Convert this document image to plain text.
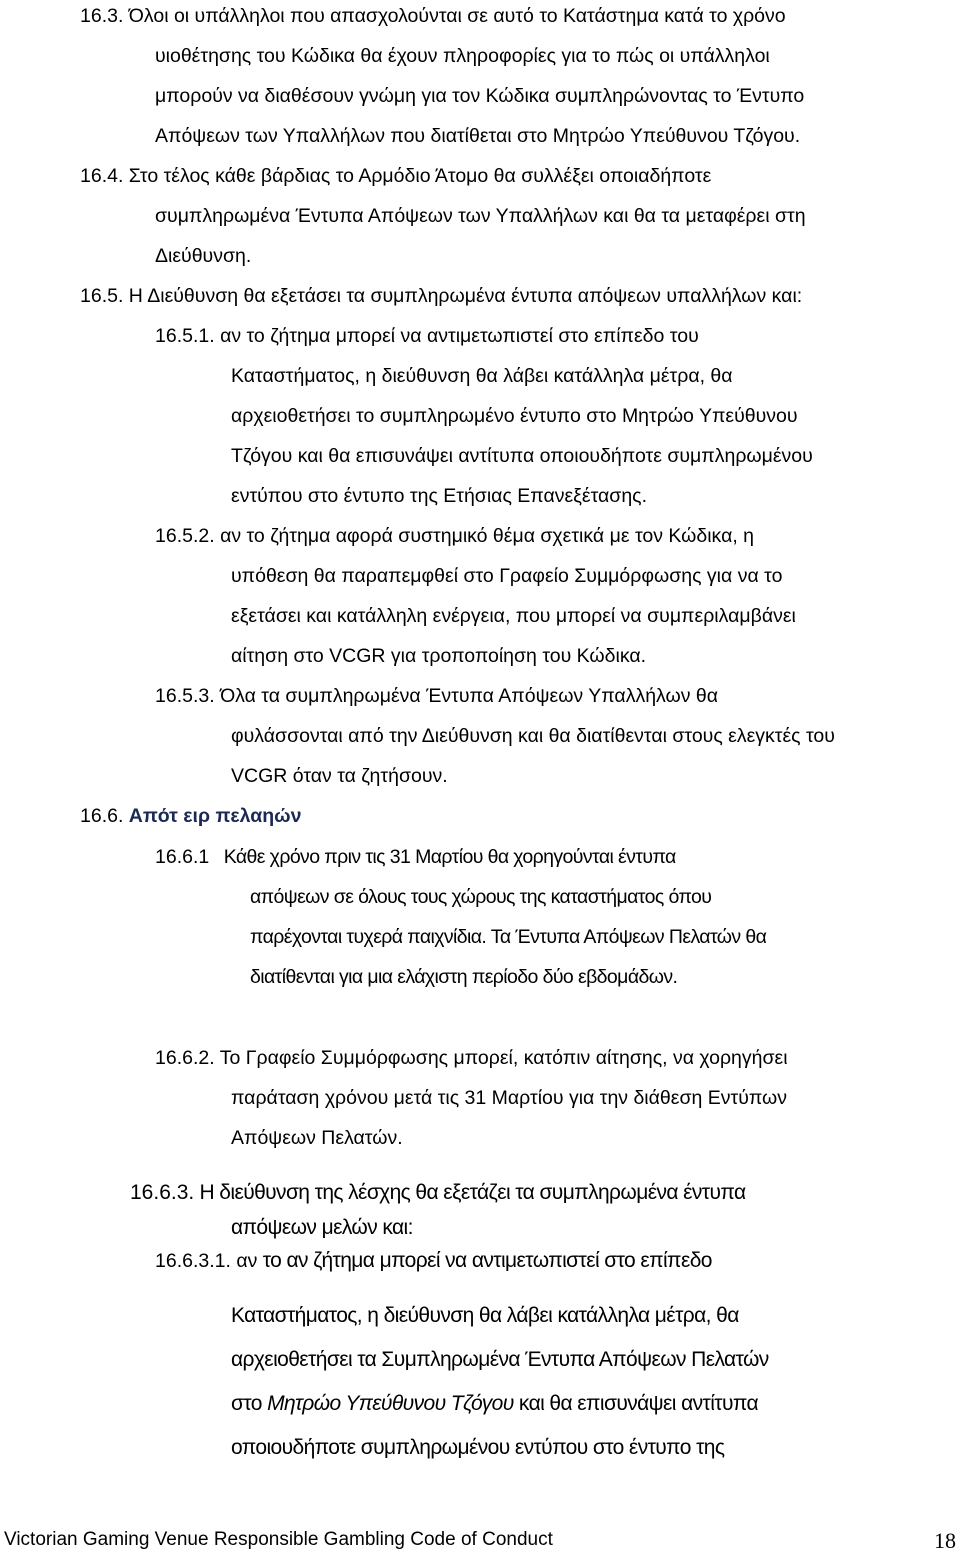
16.3. Όλοι οι υπάλληλοι που απασχολούνται σε αυτό το Κατάστημα κατά το χρόνο
υιοθέτησης του Κώδικα θα έχουν πληροφορίες για το πώς οι υπάλληλοι
μπορούν να διαθέσουν γνώμη για τον Κώδικα συμπληρώνοντας το Έντυπο
Απόψεων των Υπαλλήλων που διατίθεται στο Μητρώο Υπεύθυνου Τζόγου.
16.4. Στο τέλος κάθε βάρδιας το Αρμόδιο Άτομο θα συλλέξει οποιαδήποτε
συμπληρωμένα Έντυπα Απόψεων των Υπαλλήλων και θα τα μεταφέρει στη
Διεύθυνση.
16.5. Η Διεύθυνση θα εξετάσει τα συμπληρωμένα έντυπα απόψεων υπαλλήλων και:
16.5.1. αν το ζήτημα μπορεί να αντιμετωπιστεί στο επίπεδο του
Καταστήματος, η διεύθυνση θα λάβει κατάλληλα μέτρα, θα
αρχειοθετήσει το συμπληρωμένο έντυπο στο Μητρώο Υπεύθυνου
Τζόγου και θα επισυνάψει αντίτυπα οποιουδήποτε συμπληρωμένου
εντύπου στο έντυπο της Ετήσιας Επανεξέτασης.
16.5.2. αν το ζήτημα αφορά συστημικό θέμα σχετικά με τον Κώδικα, η
υπόθεση θα παραπεμφθεί στο Γραφείο Συμμόρφωσης για να το
εξετάσει και κατάλληλη ενέργεια, που μπορεί να συμπεριλαμβάνει
αίτηση στο VCGR για τροποποίηση του Κώδικα.
16.5.3. Όλα τα συμπληρωμένα Έντυπα Απόψεων Υπαλλήλων θα
φυλάσσονται από την Διεύθυνση και θα διατίθενται στους ελεγκτές του
VCGR όταν τα ζητήσουν.
16.6. Απότ ειρ πελαηών
16.6.1 Κάθε χρόνο πριν τις 31 Μαρτίου θα χορηγούνται έντυπα
απόψεων σε όλους τους χώρους της καταστήματος όπου
παρέχονται τυχερά παιχνίδια. Τα Έντυπα Απόψεων Πελατών θα
διατίθενται για μια ελάχιστη περίοδο δύο εβδομάδων.
16.6.2. Το Γραφείο Συμμόρφωσης μπορεί, κατόπιν αίτησης, να χορηγήσει
παράταση χρόνου μετά τις 31 Μαρτίου για την διάθεση Εντύπων
Απόψεων Πελατών.
16.6.3. Η διεύθυνση της λέσχης θα εξετάζει τα συμπληρωμένα έντυπα
απόψεων μελών και:
16.6.3.1. αν το αν ζήτημα μπορεί να αντιμετωπιστεί στο επίπεδο
Καταστήματος, η διεύθυνση θα λάβει κατάλληλα μέτρα, θα
αρχειοθετήσει τα Συμπληρωμένα Έντυπα Απόψεων Πελατών
στο Μητρώο Υπεύθυνου Τζόγου και θα επισυνάψει αντίτυπα
οποιουδήποτε συμπληρωμένου εντύπου στο έντυπο της
Victorian Gaming Venue Responsible Gambling Code of Conduct	18
